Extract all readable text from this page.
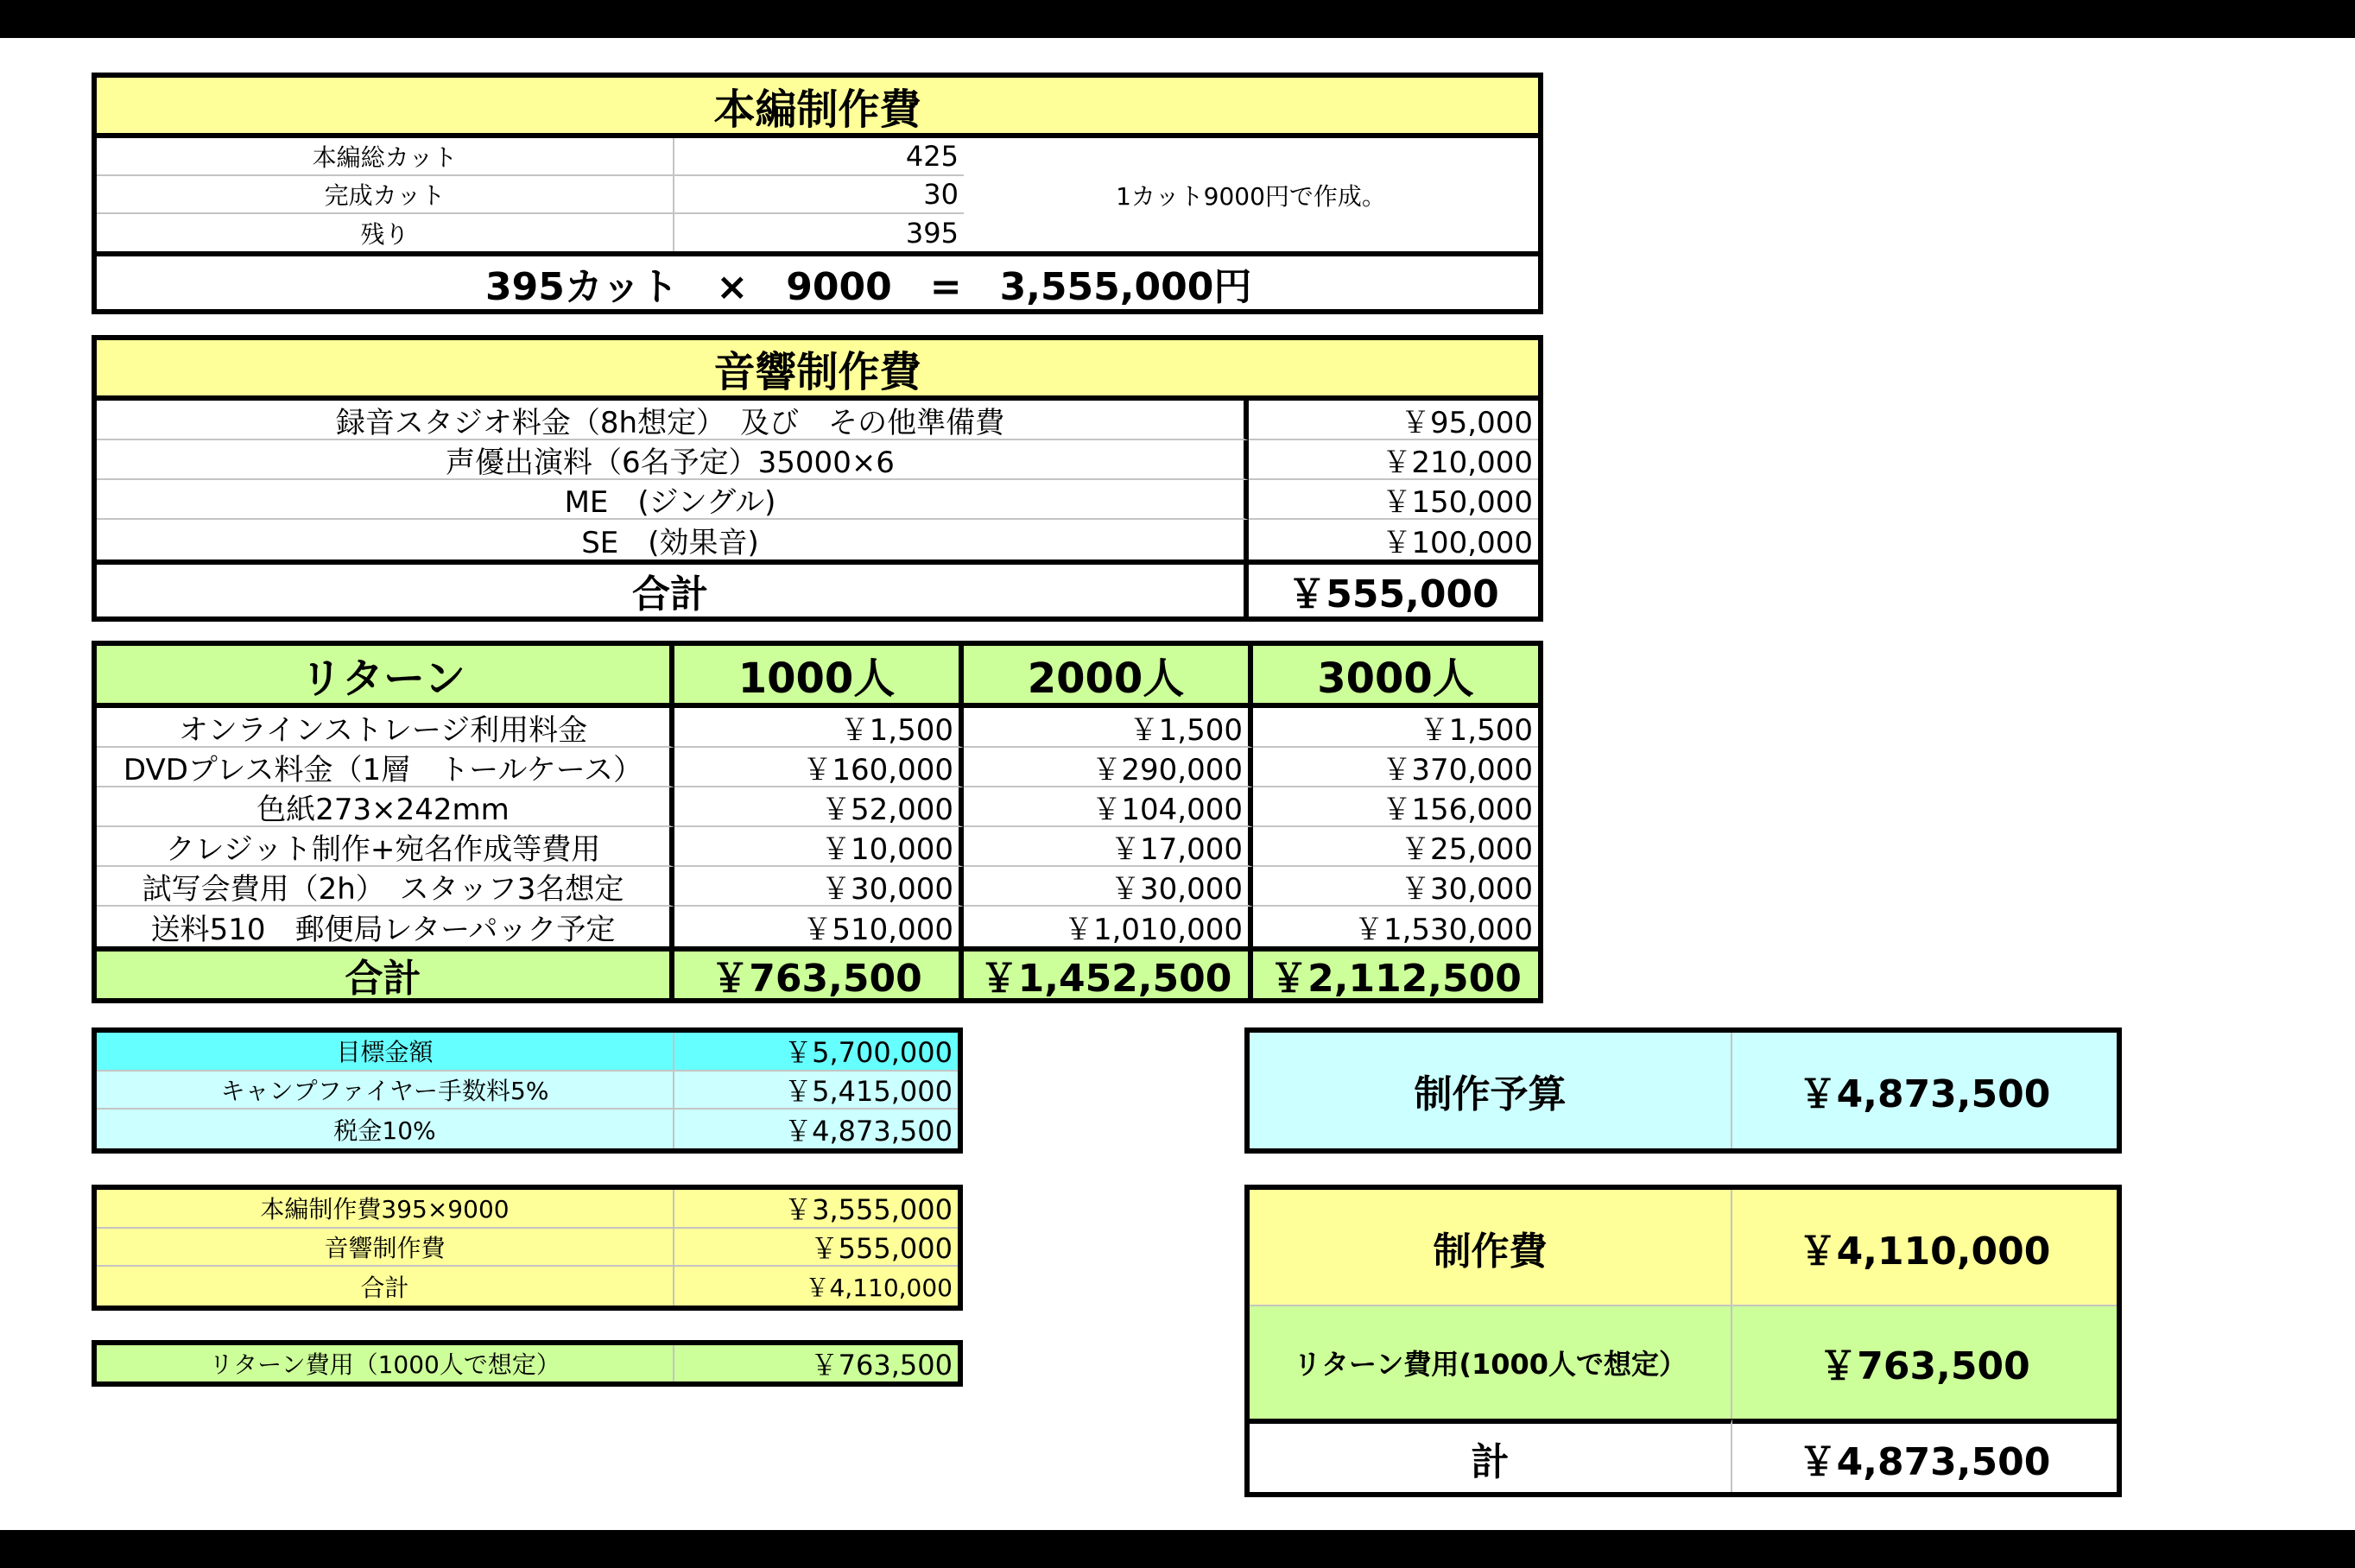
本編制作費
本編総カット	425
1カット9000円で作成。
完成カット	30
残り	395
395カット　×　9000　=　3,555,000円
音響制作費
録音スタジオ料金（8h想定）　及び　その他準備費	￥95,000
声優出演料（6名予定）35000×6	￥210,000
ME　(ジングル)	￥150,000
SE　(効果音)	￥100,000
合計	￥555,000
リターン	1000人	2000人	3000人
オンラインストレージ利用料金	￥1,500	￥1,500	￥1,500
DVDプレス料金（1層　トールケース）	￥160,000	￥290,000	￥370,000
色紙273×242mm	￥52,000	￥104,000	￥156,000
クレジット制作+宛名作成等費用	￥10,000	￥17,000	￥25,000
試写会費用（2h）　スタッフ3名想定	￥30,000	￥30,000	￥30,000
送料510　郵便局レターパック予定	￥510,000	￥1,010,000	￥1,530,000
合計	￥763,500	￥1,452,500 ￥2,112,500
目標金額	￥5,700,000
キャンプファイヤー手数料5%	￥5,415,000
税金10%	￥4,873,500
本編制作費395×9000	￥3,555,000
音響制作費	￥555,000
合計	￥4,110,000
リターン費用（1000人で想定）	￥763,500
制作予算	￥4,873,500
制作費	￥4,110,000
リターン費用(1000人で想定）	￥763,500
計	￥4,873,500
